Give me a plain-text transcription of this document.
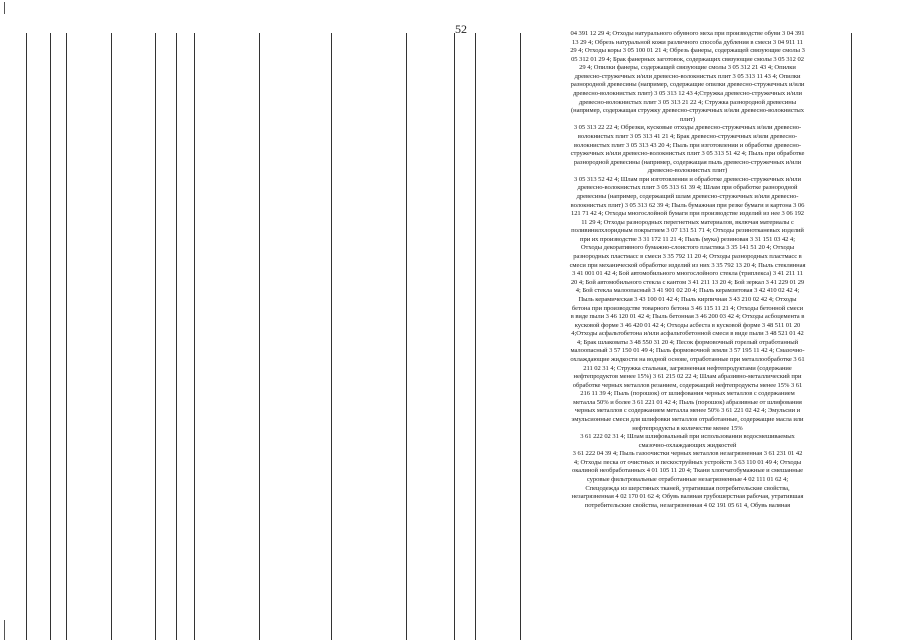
52	04 391 12 29 4; Отходы натурального обувного меха при производстве обуви 3 04 391
13 29 4; Обрезь натуральной кожи различного способа дубления в смеси 3 04 911 11
29 4; Отходы коры 3 05 100 01 21 4; Обрезь фанеры, содержащей связующие смолы 3
05 312 01 29 4; Брак фанерных заготовок, содержащих связующие смолы 3 05 312 02
29 4; Опилки фанеры, содержащей связующие смолы 3 05 312 21 43 4; Опилки
древесно-стружечных и/или древесно-волокнистых плит 3 05 313 11 43 4; Опилки
разнородной древесины (например, содержащие опилки древесно-стружечных и/или
древесно-волокнистых плит) 3 05 313 12 43 4;Стружка древесно-стружечных и/или
древесно-волокнистых плит 3 05 313 21 22 4; Стружка разнородной древесины
(например, содержащая стружку древесно-стружечных и/или древесно-волокнистых
плит)
3 05 313 22 22 4; Обрезки, кусковые отходы древесно-стружечных и/или древесно-
волокнистых плит 3 05 313 41 21 4; Брак древесно-стружечных и/или древесно-
волокнистых плит 3 05 313 43 20 4; Пыль при изготовлении и обработке древесно-
стружечных и/или древесно-волокнистых плит 3 05 313 51 42 4; Пыль при обработке
разнородной древесины (например, содержащая пыль древесно-стружечных и/или
древесно-волокнистых плит)
3 05 313 52 42 4; Шлам при изготовлении и обработке древесно-стружечных и/или
древесно-волокнистых плит 3 05 313 61 39 4; Шлам при обработке разнородной
древесины (например, содержащий шлам древесно-стружечных и/или древесно-
волокнистых плит) 3 05 313 62 39 4; Пыль бумажная при резке бумаги и картона 3 06
121 71 42 4; Отходы многослойной бумаги при производстве изделий из нее 3 06 192
11 29 4; Отходы разнородных перегнетных материалов, включая материалы с
поливинилхлоридным покрытием 3 07 131 51 71 4; Отходы резинотканевых изделий
при их производстве 3 31 172 11 21 4; Пыль (мука) резиновая 3 31 151 03 42 4;
Отходы декоративного бумажно-слоистого пластика 3 35 141 51 20 4; Отходы
разнородных пластмасс в смеси 3 35 792 11 20 4; Отходы разнородных пластмасс в
смеси при механической обработке изделий из них 3 35 792 13 20 4; Пыль стеклянная
3 41 001 01 42 4; Бой автомобильного многослойного стекла (триплекса) 3 41 211 11
20 4; Бой автомобильного стекла с кантом 3 41 211 13 20 4; Бой зеркал 3 41 229 01 29
4; Бой стекла малоопасный 3 41 901 02 20 4; Пыль керамзитовая 3 42 410 02 42 4;
Пыль керамическая 3 43 100 01 42 4; Пыль кирпичная 3 43 210 02 42 4; Отходы
бетона при производстве товарного бетона 3 46 115 11 21 4; Отходы бетонной смеси
в виде пыли 3 46 120 01 42 4; Пыль бетонная 3 46 200 03 42 4; Отходы асбоцемента в
кусковой форме 3 46 420 01 42 4; Отходы асбеста в кусковой форме 3 48 511 01 20
4;Отходы асфальтобетона и/или асфальтобетонной смеси в виде пыли 3 48 521 01 42
4; Брак шлаковаты 3 48 550 31 20 4; Песок формовочный горелый отработанный
малоопасный 3 57 150 01 49 4; Пыль формовочной земли 3 57 195 11 42 4; Смазочно-
охлаждающие жидкости на водной основе, отработанные при металлообработке 3 61
211 02 31 4; Стружка стальная, загрязненная нефтепродуктами (содержание
нефтепродуктов менее 15%) 3 61 215 02 22 4; Шлам абразивно-металлический при
обработке черных металлов резанием, содержащий нефтепродукты менее 15% 3 61
216 11 39 4; Пыль (порошок) от шлифования черных металлов с содержанием
металла 50% и более 3 61 221 01 42 4; Пыль (порошок) абразивные от шлифования
черных металлов с содержанием металла менее 50% 3 61 221 02 42 4; Эмульсии и
эмульсионные смеси для шлифовки металлов отработанные, содержащие масла или
нефтепродукты в количестве менее 15%
3 61 222 02 31 4; Шлам шлифовальный при использовании водосмешиваемых
смазочно-охлаждающих жидкостей
3 61 222 04 39 4; Пыль газоочистки черных металлов незагрязненная 3 61 231 01 42
4; Отходы песка от очистных и пескоструйных устройств 3 63 110 01 49 4; Отходы
окалиной необработанных 4 01 105 11 20 4; Ткани хлопчатобумажные и смешанные
суровые фильтровальные отработанные незагрязненные 4 02 111 01 62 4;
Спецодежда из шерстяных тканей, утратившая потребительские свойства,
незагрязненная 4 02 170 01 62 4; Обувь валяная грубошерстная рабочая, утратившая
потребительские свойства, незагрязненная 4 02 191 05 61 4, Обувь валяная
